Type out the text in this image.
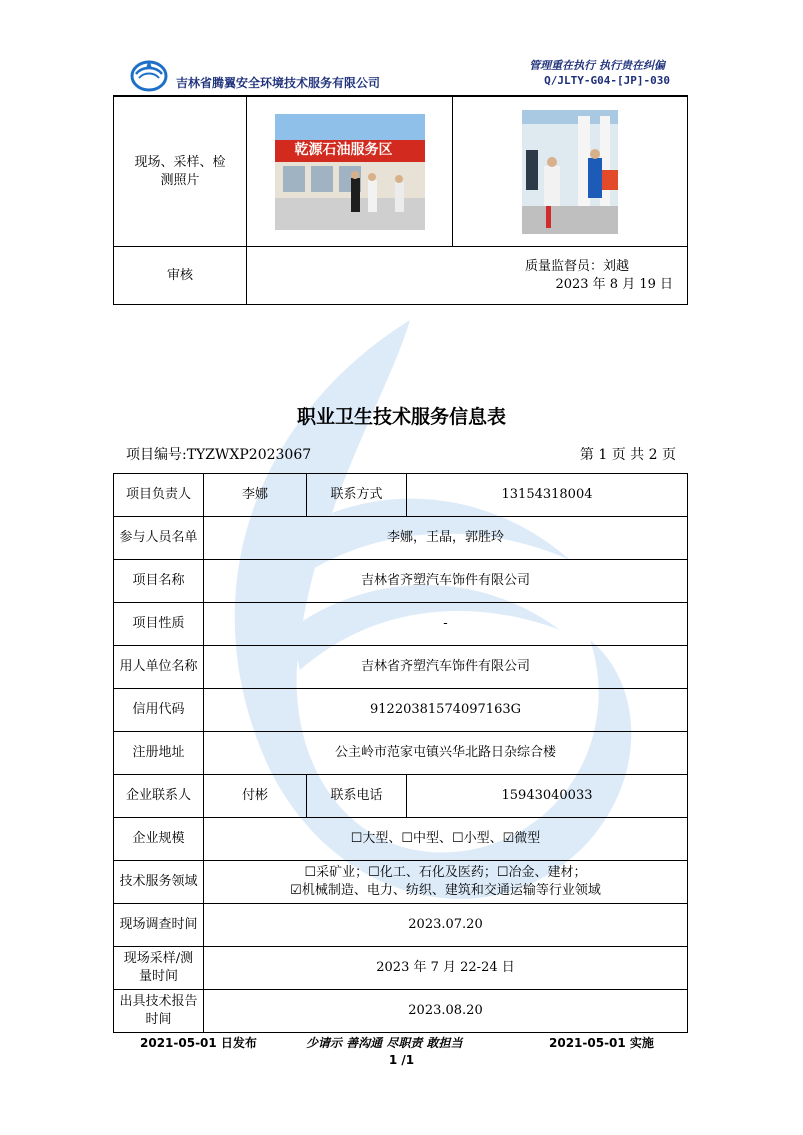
吉林省腾翼安全环境技术服务有限公司
管理重在执行 执行贵在纠偏
Q/JLTY-G04-[JP]-030
现场、采样、检测照片	乾源石油服务区

审核	质量监督员：刘越
2023 年 8 月 19 日	
职业卫生技术服务信息表
项目编号:TYZWXP2023067	第 1 页 共 2 页
项目负责人	李娜	联系方式	13154318004

参与人员名单	李娜，王晶，郭胜玲		
项目名称	吉林省齐塑汽车饰件有限公司		
项目性质	-		

用人单位名称	吉林省齐塑汽车饰件有限公司		
信用代码	91220381574097163G		
注册地址	公主岭市范家屯镇兴华北路日杂综合楼		
企业联系人	付彬	联系电话	15943040033
企业规模	☐大型、☐中型、☐小型、☑微型		

技术服务领域	☐采矿业；☐化工、石化及医药；☐冶金、建材；
☑机械制造、电力、纺织、建筑和交通运输等行业领域		

现场调查时间	2023.07.20		

现场采样/测量时间	2023 年 7 月 22-24 日		

出具技术报告时间	2023.08.20		
2021-05-01 日发布	少请示 善沟通 尽职责 敢担当	2021-05-01 实施
1 /1
